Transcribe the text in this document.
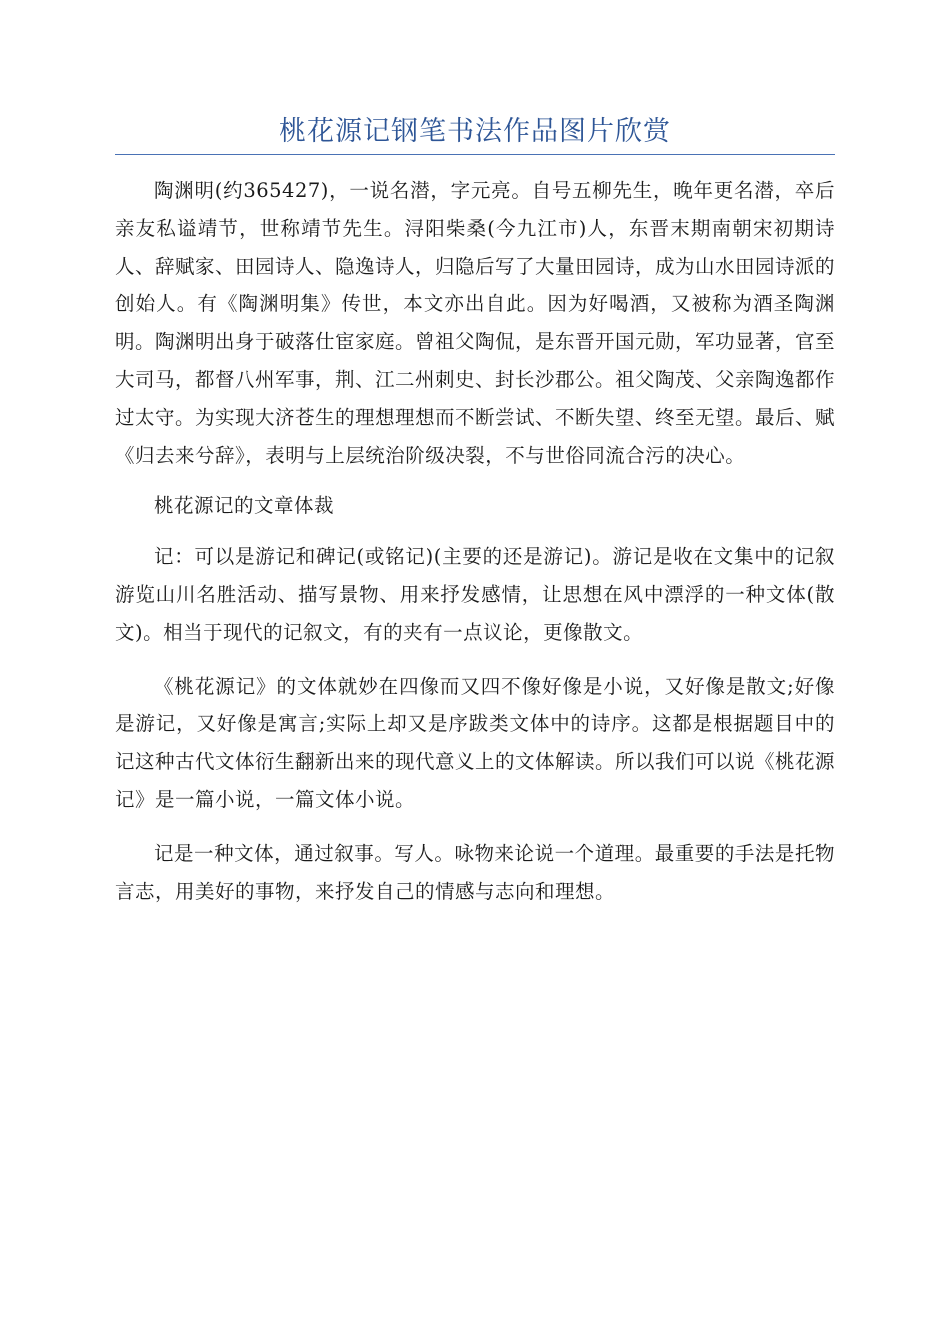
桃花源记钢笔书法作品图片欣赏

陶渊明(约365427)，一说名潜，字元亮。自号五柳先生，晚年更名潜，卒后亲友私谥靖节，世称靖节先生。浔阳柴桑(今九江市)人，东晋末期南朝宋初期诗人、辞赋家、田园诗人、隐逸诗人，归隐后写了大量田园诗，成为山水田园诗派的创始人。有《陶渊明集》传世，本文亦出自此。因为好喝酒，又被称为酒圣陶渊明。陶渊明出身于破落仕宦家庭。曾祖父陶侃，是东晋开国元勋，军功显著，官至大司马，都督八州军事，荆、江二州刺史、封长沙郡公。祖父陶茂、父亲陶逸都作过太守。为实现大济苍生的理想理想而不断尝试、不断失望、终至无望。最后、赋《归去来兮辞》，表明与上层统治阶级决裂，不与世俗同流合污的决心。

桃花源记的文章体裁

记：可以是游记和碑记(或铭记)(主要的还是游记)。游记是收在文集中的记叙游览山川名胜活动、描写景物、用来抒发感情，让思想在风中漂浮的一种文体(散文)。相当于现代的记叙文，有的夹有一点议论，更像散文。

《桃花源记》的文体就妙在四像而又四不像好像是小说，又好像是散文;好像是游记，又好像是寓言;实际上却又是序跋类文体中的诗序。这都是根据题目中的记这种古代文体衍生翻新出来的现代意义上的文体解读。所以我们可以说《桃花源记》是一篇小说，一篇文体小说。

记是一种文体，通过叙事。写人。咏物来论说一个道理。最重要的手法是托物言志，用美好的事物，来抒发自己的情感与志向和理想。
